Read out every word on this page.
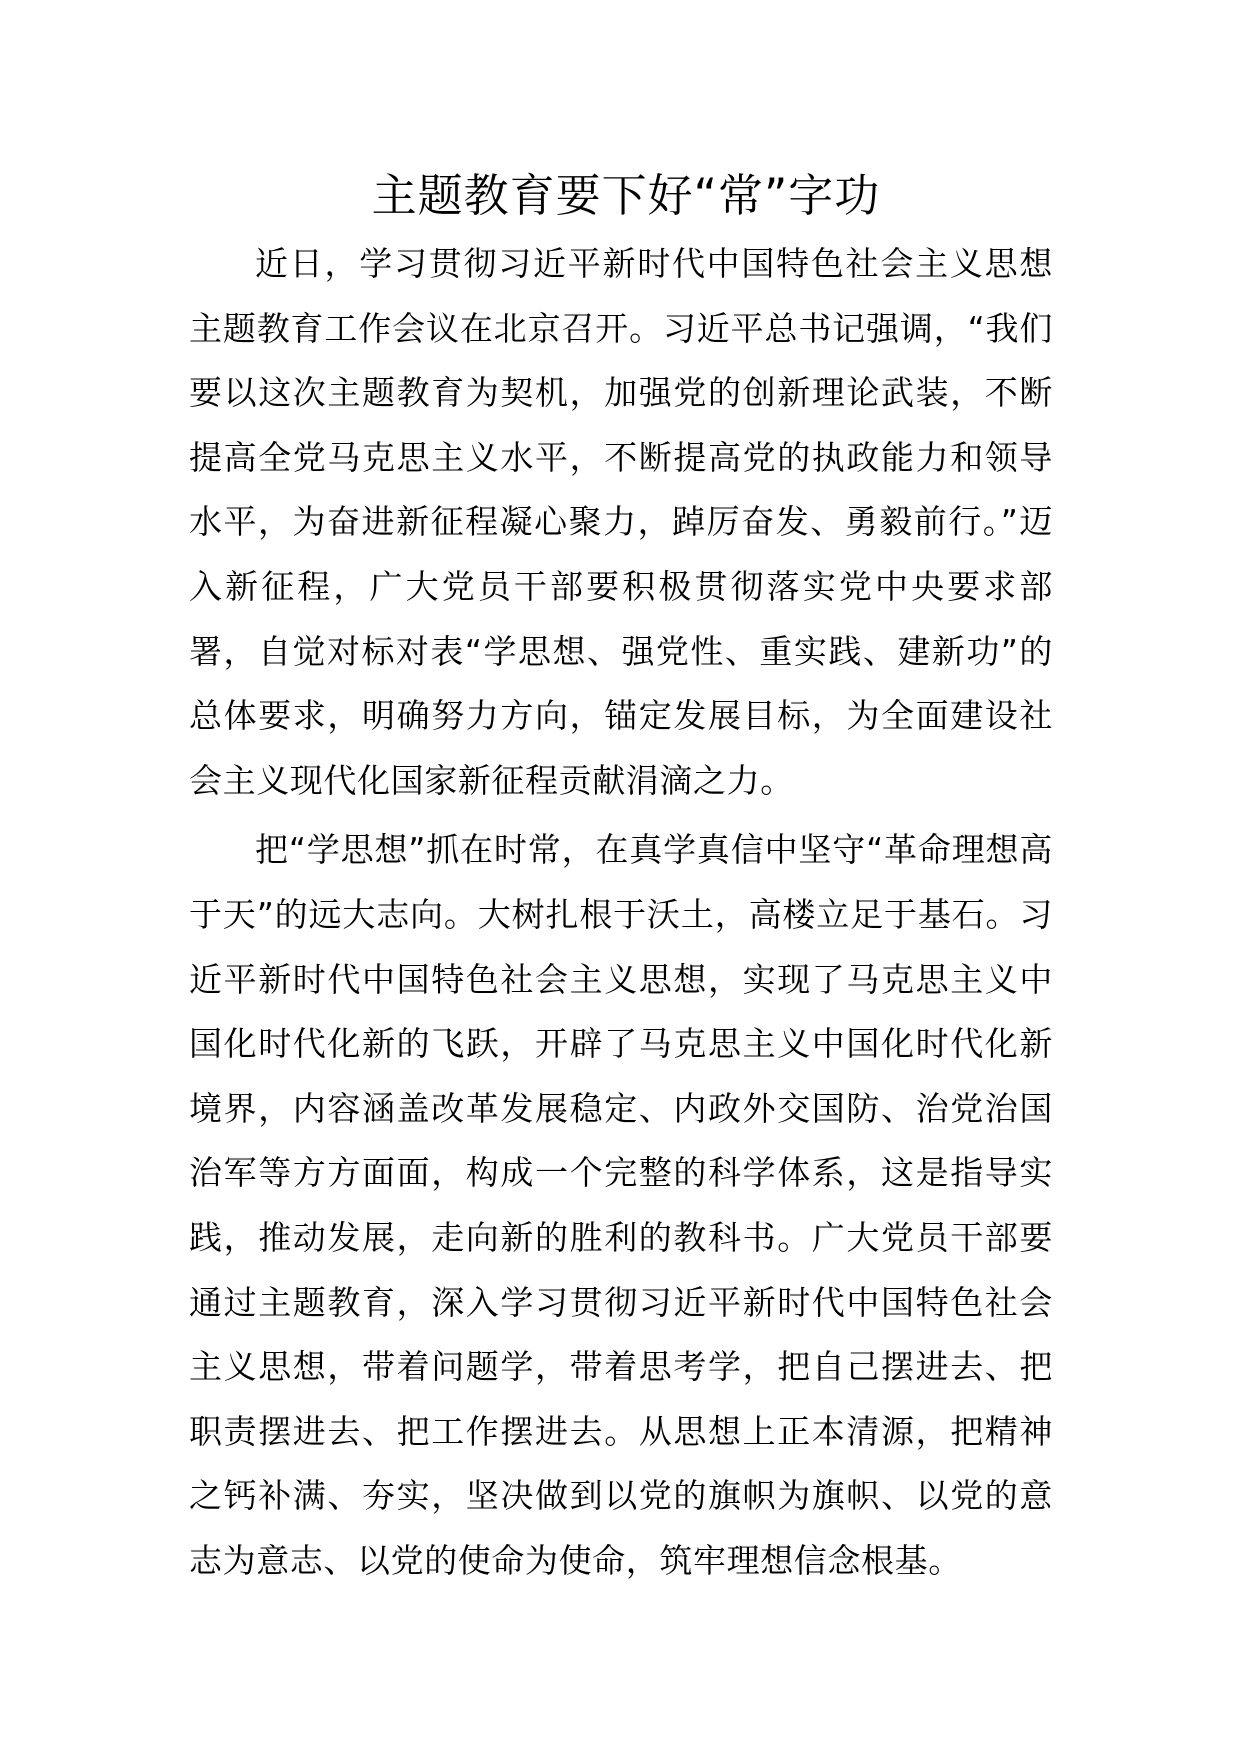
主题教育要下好“常”字功

近日，学习贯彻习近平新时代中国特色社会主义思想主题教育工作会议在北京召开。习近平总书记强调，“我们要以这次主题教育为契机，加强党的创新理论武装，不断提高全党马克思主义水平，不断提高党的执政能力和领导水平，为奋进新征程凝心聚力，踔厉奋发、勇毅前行。”迈入新征程，广大党员干部要积极贯彻落实党中央要求部署，自觉对标对表“学思想、强党性、重实践、建新功”的总体要求，明确努力方向，锚定发展目标，为全面建设社会主义现代化国家新征程贡献涓滴之力。

把“学思想”抓在时常，在真学真信中坚守“革命理想高于天”的远大志向。大树扎根于沃土，高楼立足于基石。习近平新时代中国特色社会主义思想，实现了马克思主义中国化时代化新的飞跃，开辟了马克思主义中国化时代化新境界，内容涵盖改革发展稳定、内政外交国防、治党治国治军等方方面面，构成一个完整的科学体系，这是指导实践，推动发展，走向新的胜利的教科书。广大党员干部要通过主题教育，深入学习贯彻习近平新时代中国特色社会主义思想，带着问题学，带着思考学，把自己摆进去、把职责摆进去、把工作摆进去。从思想上正本清源，把精神之钙补满、夯实，坚决做到以党的旗帜为旗帜、以党的意志为意志、以党的使命为使命，筑牢理想信念根基。
